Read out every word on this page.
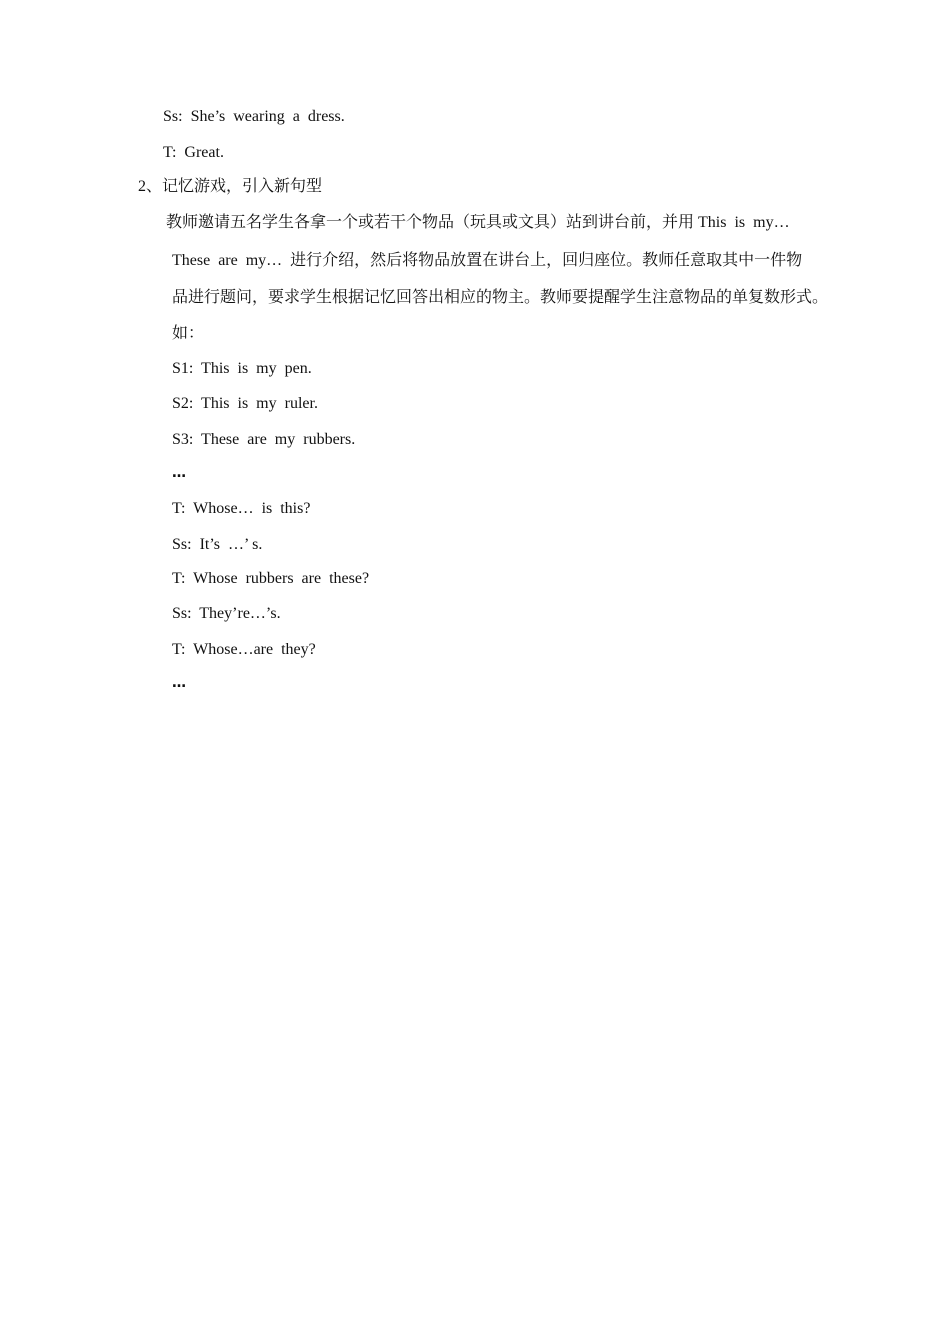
Ss:  She’s  wearing  a  dress.
T:  Great.
2、记忆游戏，引入新句型
教师邀请五名学生各拿一个或若干个物品（玩具或文具）站到讲台前，并用 This  is  my…
These  are  my…  进行介绍，然后将物品放置在讲台上，回归座位。教师任意取其中一件物
品进行题问，要求学生根据记忆回答出相应的物主。教师要提醒学生注意物品的单复数形式。
如：
S1:  This  is  my  pen.
S2:  This  is  my  ruler.
S3:  These  are  my  rubbers.
…
T:  Whose…  is  this?
Ss:  It’s  …’ s.
T:  Whose  rubbers  are  these?
Ss:  They’re…’s.
T:  Whose…are  they?
…
